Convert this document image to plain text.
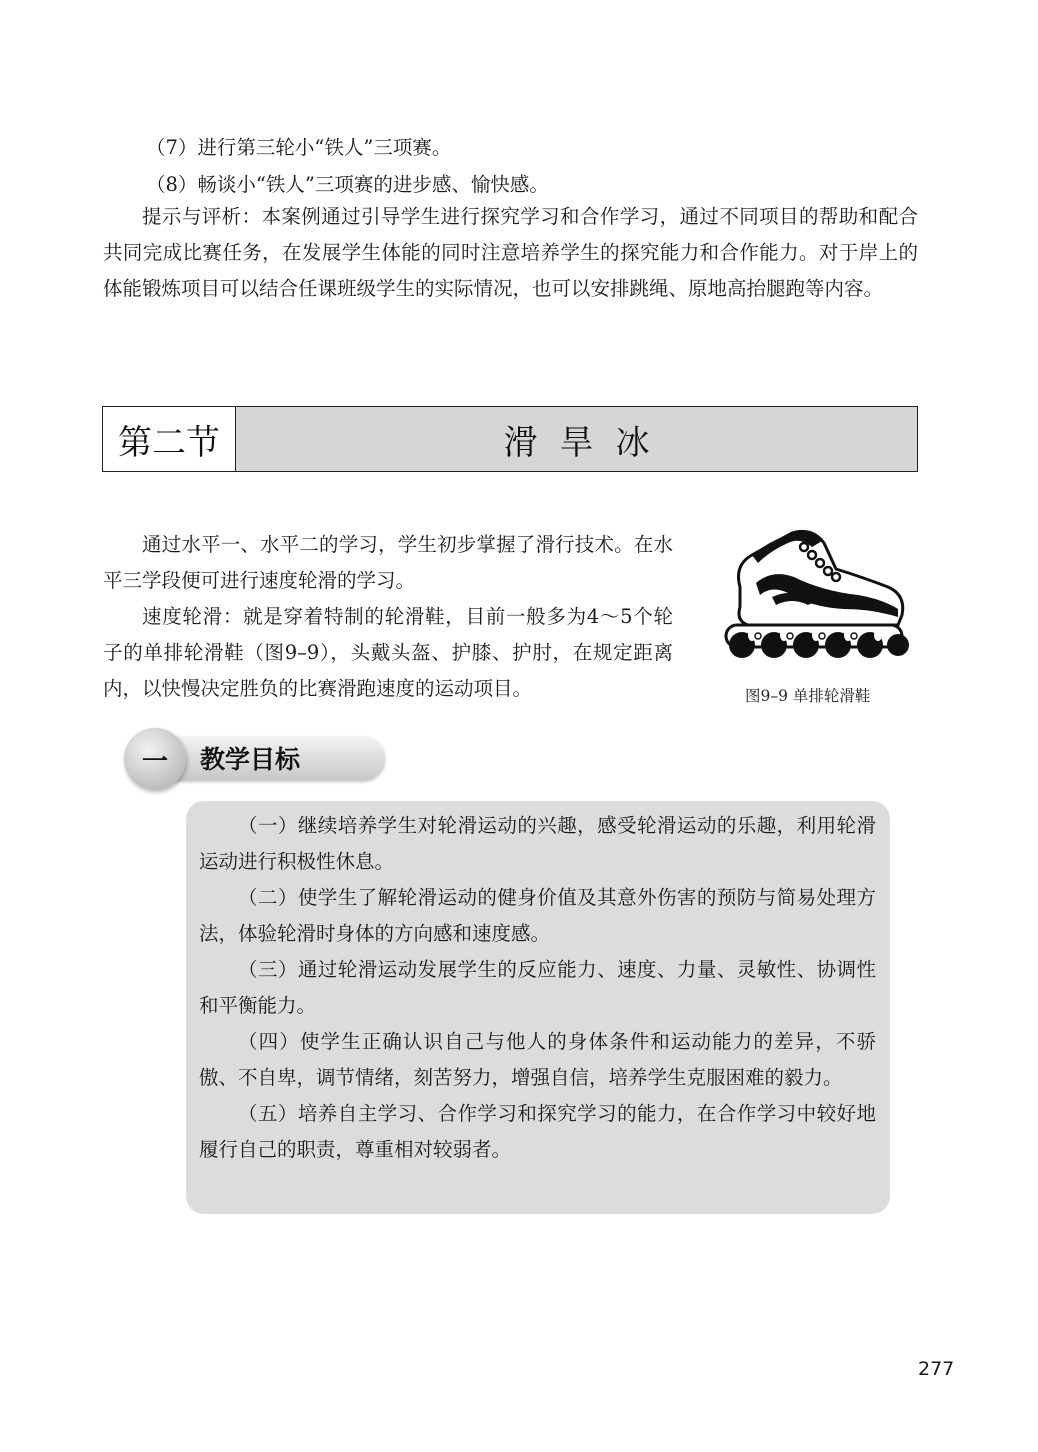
（7）进行第三轮小“铁人”三项赛。
（8）畅谈小“铁人”三项赛的进步感、愉快感。
提示与评析：本案例通过引导学生进行探究学习和合作学习，通过不同项目的帮助和配合共同完成比赛任务，在发展学生体能的同时注意培养学生的探究能力和合作能力。对于岸上的体能锻炼项目可以结合任课班级学生的实际情况，也可以安排跳绳、原地高抬腿跑等内容。
第二节	滑旱冰
通过水平一、水平二的学习，学生初步掌握了滑行技术。在水平三学段便可进行速度轮滑的学习。
速度轮滑：就是穿着特制的轮滑鞋，目前一般多为4～5个轮子的单排轮滑鞋（图9–9），头戴头盔、护膝、护肘，在规定距离内，以快慢决定胜负的比赛滑跑速度的运动项目。	图9–9 单排轮滑鞋
一	教学目标
（一）继续培养学生对轮滑运动的兴趣，感受轮滑运动的乐趣，利用轮滑运动进行积极性休息。
（二）使学生了解轮滑运动的健身价值及其意外伤害的预防与简易处理方法，体验轮滑时身体的方向感和速度感。
（三）通过轮滑运动发展学生的反应能力、速度、力量、灵敏性、协调性和平衡能力。
（四）使学生正确认识自己与他人的身体条件和运动能力的差异，不骄傲、不自卑，调节情绪，刻苦努力，增强自信，培养学生克服困难的毅力。
（五）培养自主学习、合作学习和探究学习的能力，在合作学习中较好地履行自己的职责，尊重相对较弱者。
277
